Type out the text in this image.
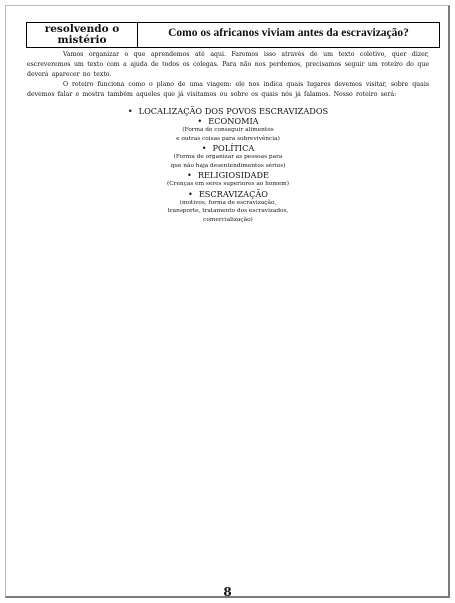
resolvendo o
mistério
Como os africanos viviam antes da escravização?

Vamos organizar o que aprendemos até aqui. Faremos isso através de um texto coletivo, quer dizer, escreveremos um texto com a ajuda de todos os colegas. Para não nos perdemos, precisamos seguir um roteiro do que deverá aparecer no texto.

O roteiro funciona como o plano de uma viagem: ele nos indica quais lugares devemos visitar, sobre quais devemos falar e mostra também aqueles que já visitamos ou sobre os quais nós já falamos. Nosso roteiro será:

• LOCALIZAÇÃO DOS POVOS ESCRAVIZADOS
• ECONOMIA
(Forma de conseguir alimentos
e outras coisas para sobrevivência)
• POLÍTICA
(Forma de organizar as pessoas para
que não haja desentendimentos sérios)
• RELIGIOSIDADE
(Crenças em seres superiores ao homem)
• ESCRAVIZAÇÃO
(motivos, forma de escravização,
transporte, tratamento dos escravizados,
comercialização)
8
